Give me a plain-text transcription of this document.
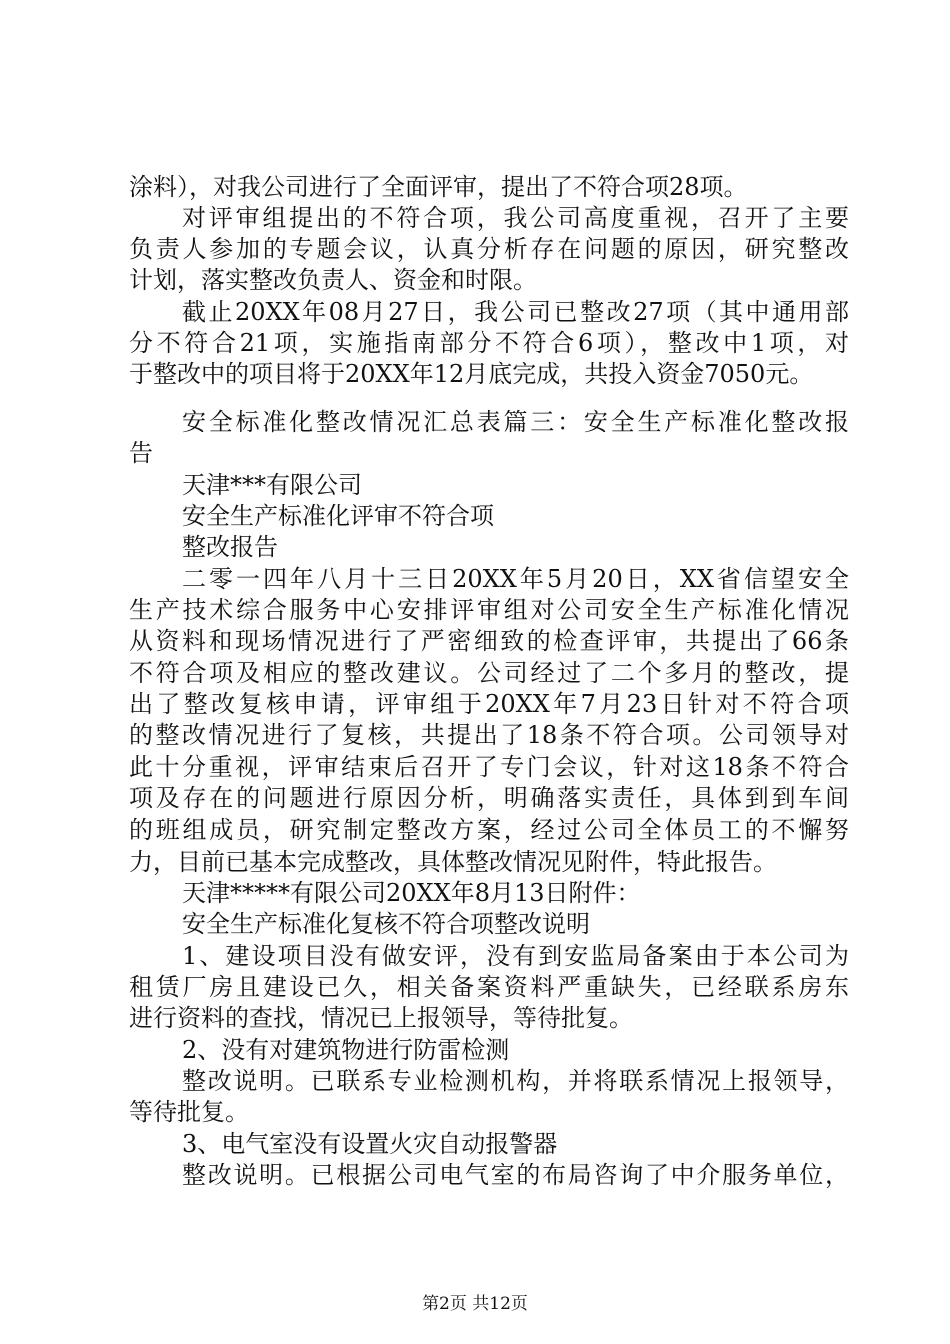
涂料），对我公司进行了全面评审，提出了不符合项28项。
对评审组提出的不符合项，我公司高度重视，召开了主要
负责人参加的专题会议，认真分析存在问题的原因，研究整改
计划，落实整改负责人、资金和时限。
截止20XX年08月27日，我公司已整改27项（其中通用部
分不符合21项，实施指南部分不符合6项），整改中1项，对
于整改中的项目将于20XX年12月底完成，共投入资金7050元。
安全标准化整改情况汇总表篇三：安全生产标准化整改报
告
天津***有限公司
安全生产标准化评审不符合项
整改报告
二零一四年八月十三日20XX年5月20日，XX省信望安全
生产技术综合服务中心安排评审组对公司安全生产标准化情况
从资料和现场情况进行了严密细致的检查评审，共提出了66条
不符合项及相应的整改建议。公司经过了二个多月的整改，提
出了整改复核申请，评审组于20XX年7月23日针对不符合项
的整改情况进行了复核，共提出了18条不符合项。公司领导对
此十分重视，评审结束后召开了专门会议，针对这18条不符合
项及存在的问题进行原因分析，明确落实责任，具体到到车间
的班组成员，研究制定整改方案，经过公司全体员工的不懈努
力，目前已基本完成整改，具体整改情况见附件，特此报告。
天津*****有限公司20XX年8月13日附件：
安全生产标准化复核不符合项整改说明
1、建设项目没有做安评，没有到安监局备案由于本公司为
租赁厂房且建设已久，相关备案资料严重缺失，已经联系房东
进行资料的查找，情况已上报领导，等待批复。
2、没有对建筑物进行防雷检测
整改说明。已联系专业检测机构，并将联系情况上报领导，
等待批复。
第2页 共12页
3、电气室没有设置火灾自动报警器
整改说明。已根据公司电气室的布局咨询了中介服务单位，
